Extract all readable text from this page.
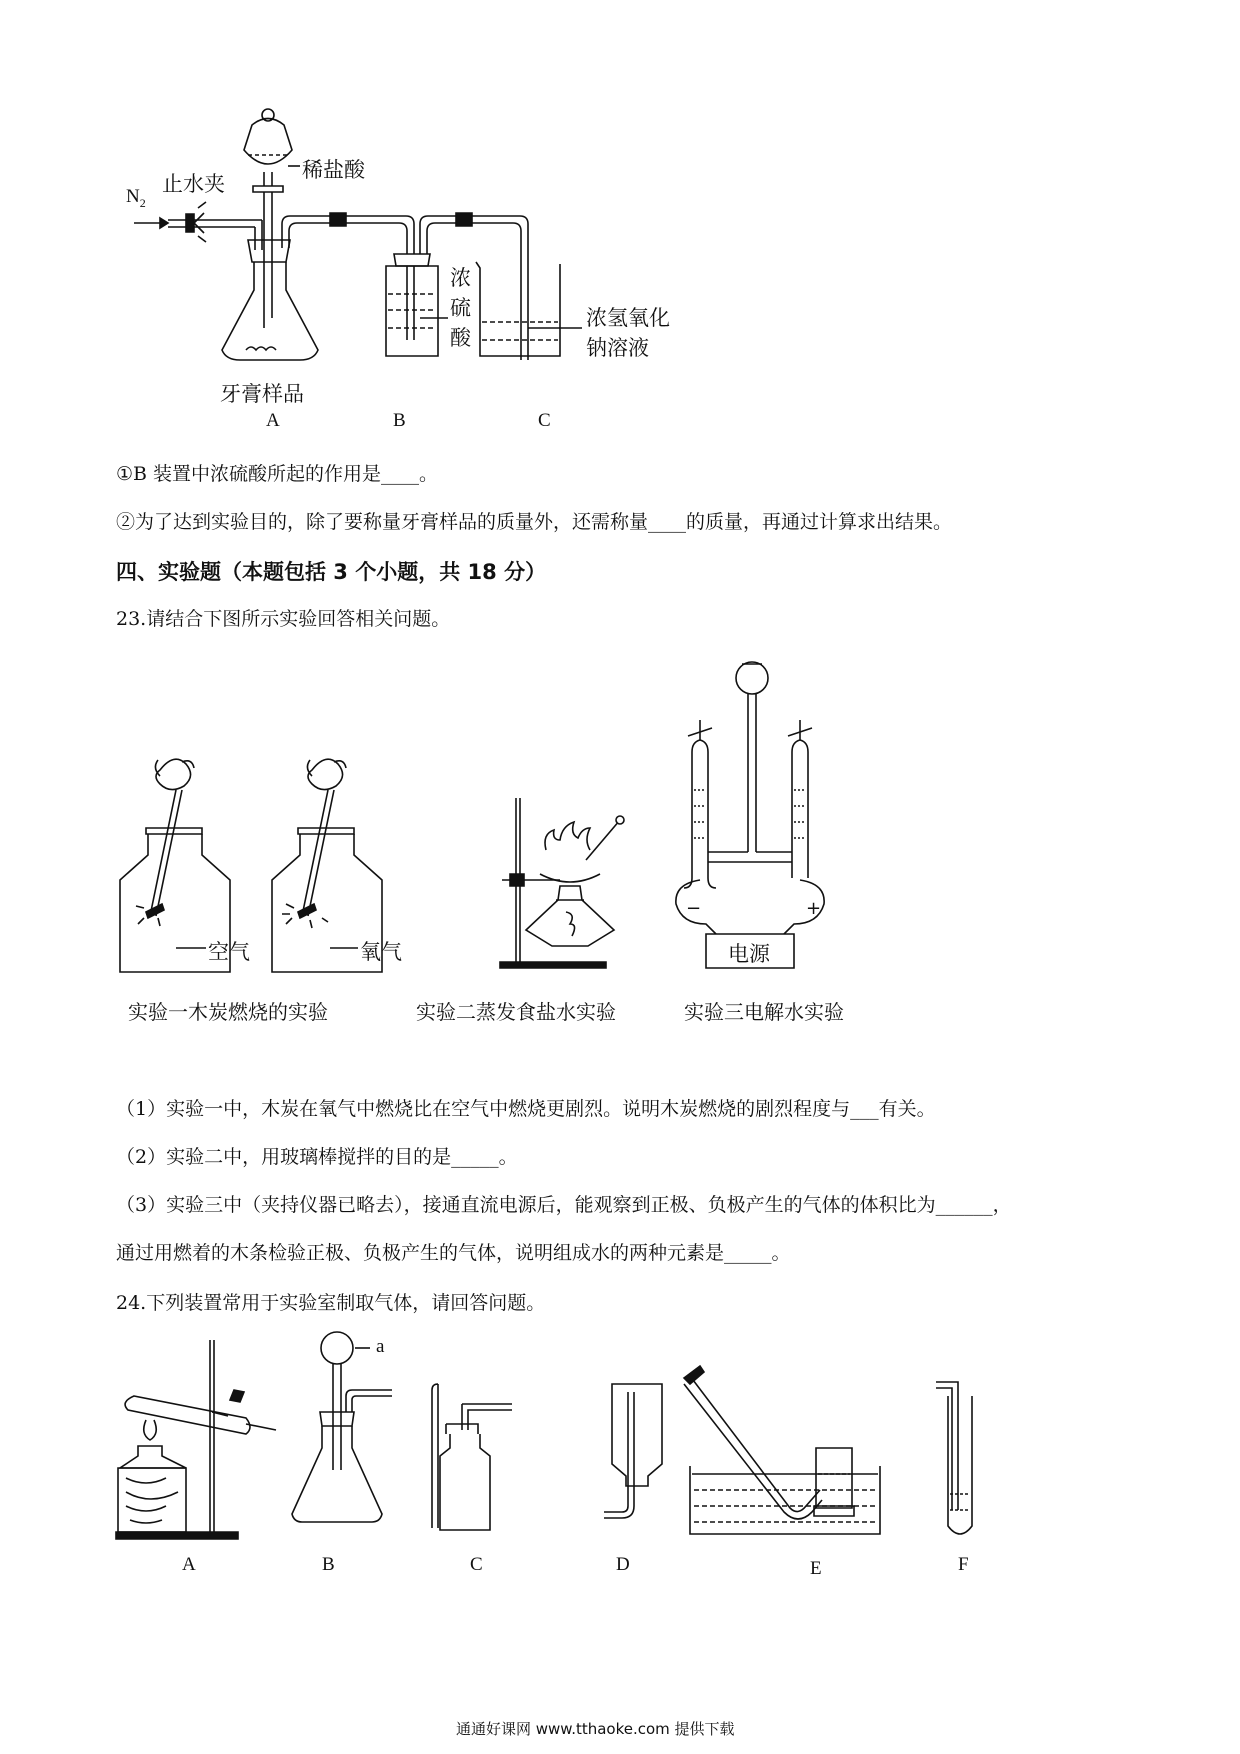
$N_2$
止水夹
稀盐酸
浓
硫
酸
浓氢氧化
钠溶液
牙膏样品
A	B	C
①B 装置中浓硫酸所起的作用是____。
②为了达到实验目的，除了要称量牙膏样品的质量外，还需称量____的质量，再通过计算求出结果。
四、实验题（本题包括 3 个小题，共 18 分）
23.请结合下图所示实验回答相关问题。
空气	氧气	电源
−	+
实验一木炭燃烧的实验	实验二蒸发食盐水实验	实验三电解水实验
（1）实验一中，木炭在氧气中燃烧比在空气中燃烧更剧烈。说明木炭燃烧的剧烈程度与___有关。
（2）实验二中，用玻璃棒搅拌的目的是_____。
（3）实验三中（夹持仪器已略去），接通直流电源后，能观察到正极、负极产生的气体的体积比为______，
通过用燃着的木条检验正极、负极产生的气体，说明组成水的两种元素是_____。
24.下列装置常用于实验室制取气体，请回答问题。
a
A	B	C	D	E	F
通通好课网 www.tthaoke.com 提供下载
